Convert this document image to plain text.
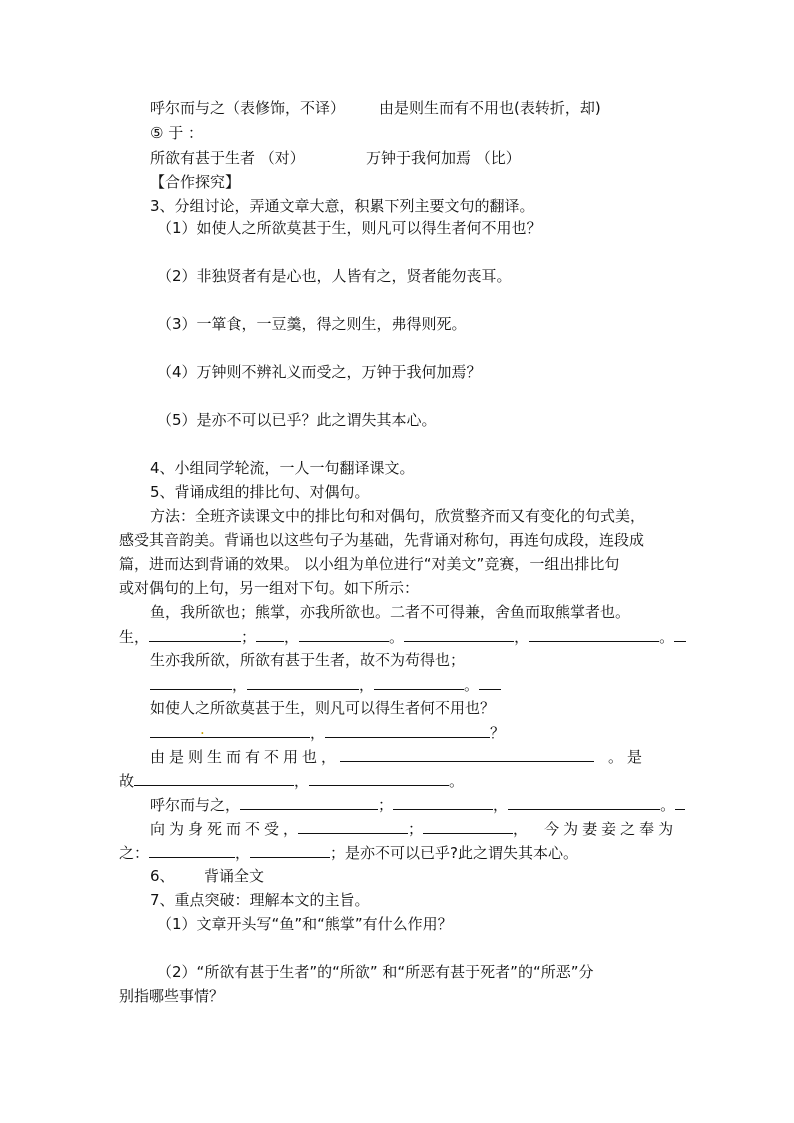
呼尔而与之（表修饰，不译） 由是则生而有不用也(表转折，却)
⑤ 于 ：
所欲有甚于生者 （对）	万钟于我何加焉 （比）
【合作探究】
3、分组讨论，弄通文章大意，积累下列主要文句的翻译。
（1）如使人之所欲莫甚于生，则凡可以得生者何不用也？
（2）非独贤者有是心也，人皆有之，贤者能勿丧耳。
（3）一箪食，一豆羹，得之则生，弗得则死。
（4）万钟则不辨礼义而受之，万钟于我何加焉？
（5）是亦不可以已乎？此之谓失其本心。
4、小组同学轮流，一人一句翻译课文。
5、背诵成组的排比句、对偶句。
方法：全班齐读课文中的排比句和对偶句，欣赏整齐而又有变化的句式美，
感受其音韵美。背诵也以这些句子为基础，先背诵对称句，再连句成段，连段成
篇，进而达到背诵的效果。 以小组为单位进行“对美文”竞赛，一组出排比句
或对偶句的上句，另一组对下句。如下所示：
鱼，我所欲也；熊掌，亦我所欲也。二者不可得兼，舍鱼而取熊掌者也。
生，	； ，	。	，	。
生亦我所欲，所欲有甚于生者，故不为苟得也；
，	，	。
如使人之所欲莫甚于生，则凡可以得生者何不用也？
.	，	？
由是则生而有不用也，	。是
故	，	。
呼尔而与之，	；	，	。
向为身死而不受，	；	， 今为妻妾之奉为
之：	，	；是亦不可以已乎?此之谓失其本心。
6、 背诵全文
7、重点突破：理解本文的主旨。
（1）文章开头写“鱼”和“熊掌”有什么作用？
（2）“所欲有甚于生者”的“所欲” 和“所恶有甚于死者”的“所恶”分
别指哪些事情？
